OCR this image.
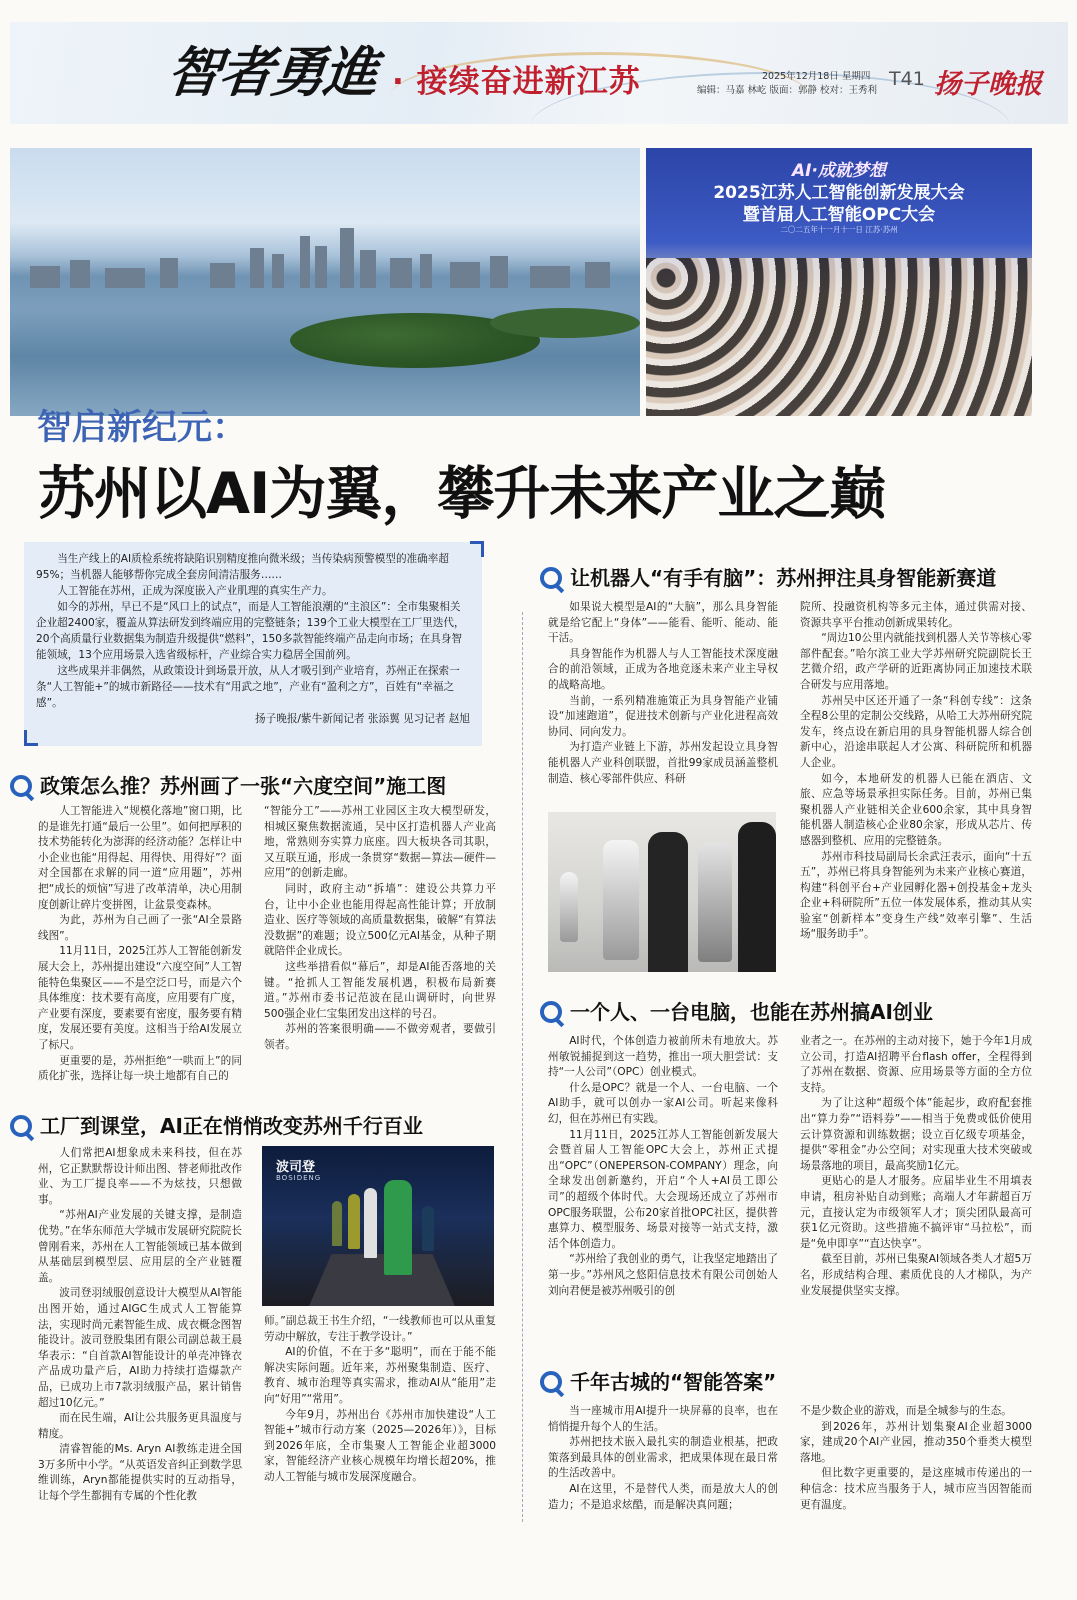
智者勇進 · 接续奋进新江苏	2025年12月18日 星期四
编辑：马嘉 林屹 版面：郭静 校对：王秀利
T41 扬子晚报
AI·成就梦想
2025江苏人工智能创新发展大会
暨首届人工智能OPC大会
二〇二五年十一月十一日 江苏·苏州
智启新纪元：
苏州以AI为翼，攀升未来产业之巅

当生产线上的AI质检系统将缺陷识别精度推向微米级；当传染病预警模型的准确率超95%；当机器人能够帮你完成全套房间清洁服务……

人工智能在苏州，正成为深度嵌入产业肌理的真实生产力。

如今的苏州，早已不是“风口上的试点”，而是人工智能浪潮的“主浪区”：全市集聚相关企业超2400家，覆盖从算法研发到终端应用的完整链条；139个工业大模型在工厂里迭代，20个高质量行业数据集为制造升级提供“燃料”，150多款智能终端产品走向市场；在具身智能领域，13个应用场景入选省级标杆，产业综合实力稳居全国前列。

这些成果并非偶然，从政策设计到场景开放，从人才吸引到产业培育，苏州正在探索一条“人工智能+”的城市新路径——技术有“用武之地”，产业有“盈利之方”，百姓有“幸福之感”。

扬子晚报/紫牛新闻记者 张添翼 见习记者 赵旭

政策怎么推？苏州画了一张“六度空间”施工图

人工智能进入“规模化落地”窗口期，比的是谁先打通“最后一公里”。如何把厚积的技术势能转化为澎湃的经济动能？怎样让中小企业也能“用得起、用得快、用得好”？面对全国都在求解的同一道“应用题”，苏州把“成长的烦恼”写进了改革清单，决心用制度创新让碎片变拼图，让盆景变森林。

为此，苏州为自己画了一张“AI全景路线图”。

11月11日，2025江苏人工智能创新发展大会上，苏州提出建设“六度空间”人工智能特色集聚区——不是空泛口号，而是六个具体维度：技术要有高度，应用要有广度，产业要有深度，要素要有密度，服务要有精度，发展还要有美度。这相当于给AI发展立了标尺。

更重要的是，苏州拒绝“一哄而上”的同质化扩张，选择让每一块土地都有自己的

“智能分工”——苏州工业园区主攻大模型研发，相城区聚焦数据流通，吴中区打造机器人产业高地，常熟则夯实算力底座。四大板块各司其职，又互联互通，形成一条贯穿“数据—算法—硬件—应用”的创新走廊。

同时，政府主动“拆墙”：建设公共算力平台，让中小企业也能用得起高性能计算；开放制造业、医疗等领域的高质量数据集，破解“有算法没数据”的难题；设立500亿元AI基金，从种子期就陪伴企业成长。

这些举措看似“幕后”，却是AI能否落地的关键。“抢抓人工智能发展机遇，积极布局新赛道。”苏州市委书记范波在昆山调研时，向世界500强企业仁宝集团发出这样的号召。

苏州的答案很明确——不做旁观者，要做引领者。

工厂到课堂，AI正在悄悄改变苏州千行百业

人们常把AI想象成未来科技，但在苏州，它正默默帮设计师出图、替老师批改作业、为工厂提良率——不为炫技，只想做事。

“苏州AI产业发展的关键支撑，是制造优势。”在华东师范大学城市发展研究院院长曾刚看来，苏州在人工智能领域已基本做到从基础层到模型层、应用层的全产业链覆盖。

波司登羽绒服创意设计大模型从AI智能出图开始，通过AIGC生成式人工智能算法，实现时尚元素智能生成、成衣概念图智能设计。波司登股集团有限公司副总裁王晨华表示：“自首款AI智能设计的单壳冲锋衣产品成功量产后，AI助力持续打造爆款产品，已成功上市7款羽绒服产品，累计销售超过10亿元。”

而在民生端，AI让公共服务更具温度与精度。

清睿智能的Ms. Aryn AI教练走进全国3万多所中小学。“从英语发音纠正到数学思维训练，Aryn都能提供实时的互动指导，让每个学生都拥有专属的个性化教

波司登
BOSIDENG

师。”副总裁王书生介绍，“一线教师也可以从重复劳动中解放，专注于教学设计。”

AI的价值，不在于多“聪明”，而在于能不能解决实际问题。近年来，苏州聚集制造、医疗、教育、城市治理等真实需求，推动AI从“能用”走向“好用”“常用”。

今年9月，苏州出台《苏州市加快建设“人工智能+”城市行动方案（2025—2026年）》，目标到2026年底，全市集聚人工智能企业超3000家，智能经济产业核心规模年均增长超20%，推动人工智能与城市发展深度融合。

让机器人“有手有脑”：苏州押注具身智能新赛道

如果说大模型是AI的“大脑”，那么具身智能就是给它配上“身体”——能看、能听、能动、能干活。

具身智能作为机器人与人工智能技术深度融合的前沿领域，正成为各地竞逐未来产业主导权的战略高地。

当前，一系列精准施策正为具身智能产业铺设“加速跑道”，促进技术创新与产业化进程高效协同、同向发力。

为打造产业链上下游，苏州发起设立具身智能机器人产业科创联盟，首批99家成员涵盖整机制造、核心零部件供应、科研

院所、投融资机构等多元主体，通过供需对接、资源共享平台推动创新成果转化。

“周边10公里内就能找到机器人关节等核心零部件配套。”哈尔滨工业大学苏州研究院副院长王艺微介绍，政产学研的近距离协同正加速技术联合研发与应用落地。

苏州吴中区还开通了一条“科创专线”：这条全程8公里的定制公交线路，从哈工大苏州研究院发车，终点设在新启用的具身智能机器人综合创新中心，沿途串联起人才公寓、科研院所和机器人企业。

如今，本地研发的机器人已能在酒店、文旅、应急等场景承担实际任务。目前，苏州已集聚机器人产业链相关企业600余家，其中具身智能机器人制造核心企业80余家，形成从芯片、传感器到整机、应用的完整链条。

苏州市科技局副局长余武汪表示，面向“十五五”，苏州已将具身智能列为未来产业核心赛道，构建“科创平台+产业园孵化器+创投基金+龙头企业+科研院所”五位一体发展体系，推动其从实验室“创新样本”变身生产线“效率引擎”、生活场“服务助手”。

一个人、一台电脑，也能在苏州搞AI创业

AI时代，个体创造力被前所未有地放大。苏州敏锐捕捉到这一趋势，推出一项大胆尝试：支持“一人公司”（OPC）创业模式。

什么是OPC？就是一个人、一台电脑、一个AI助手，就可以创办一家AI公司。听起来像科幻，但在苏州已有实践。

11月11日，2025江苏人工智能创新发展大会暨首届人工智能OPC大会上，苏州正式提出“OPC”（ONEPERSON-COMPANY）理念，向全球发出创新邀约，开启“个人+AI员工即公司”的超级个体时代。大会现场还成立了苏州市OPC服务联盟，公布20家首批OPC社区，提供普惠算力、模型服务、场景对接等一站式支持，激活个体创造力。

“苏州给了我创业的勇气，让我坚定地踏出了第一步。”苏州风之悠阳信息技术有限公司创始人刘向君便是被苏州吸引的创

业者之一。在苏州的主动对接下，她于今年1月成立公司，打造AI招聘平台flash offer，全程得到了苏州在数据、资源、应用场景等方面的全方位支持。

为了让这种“超级个体”能起步，政府配套推出“算力券”“语料券”——相当于免费或低价使用云计算资源和训练数据；设立百亿级专项基金，提供“零租金”办公空间；对实现重大技术突破或场景落地的项目，最高奖励1亿元。

更贴心的是人才服务。应届毕业生不用填表申请，租房补贴自动到账；高端人才年薪超百万元，直接认定为市级领军人才；顶尖团队最高可获1亿元资助。这些措施不搞评审“马拉松”，而是“免申即享”“直达快享”。

截至目前，苏州已集聚AI领域各类人才超5万名，形成结构合理、素质优良的人才梯队，为产业发展提供坚实支撑。

千年古城的“智能答案”

当一座城市用AI提升一块屏幕的良率，也在悄悄提升每个人的生活。

苏州把技术嵌入最扎实的制造业根基，把政策落到最具体的创业需求，把成果体现在最日常的生活改善中。

AI在这里，不是替代人类，而是放大人的创造力；不是追求炫酷，而是解决真问题；

不是少数企业的游戏，而是全城参与的生态。

到2026年，苏州计划集聚AI企业超3000家，建成20个AI产业园，推动350个垂类大模型落地。

但比数字更重要的，是这座城市传递出的一种信念：技术应当服务于人，城市应当因智能而更有温度。
